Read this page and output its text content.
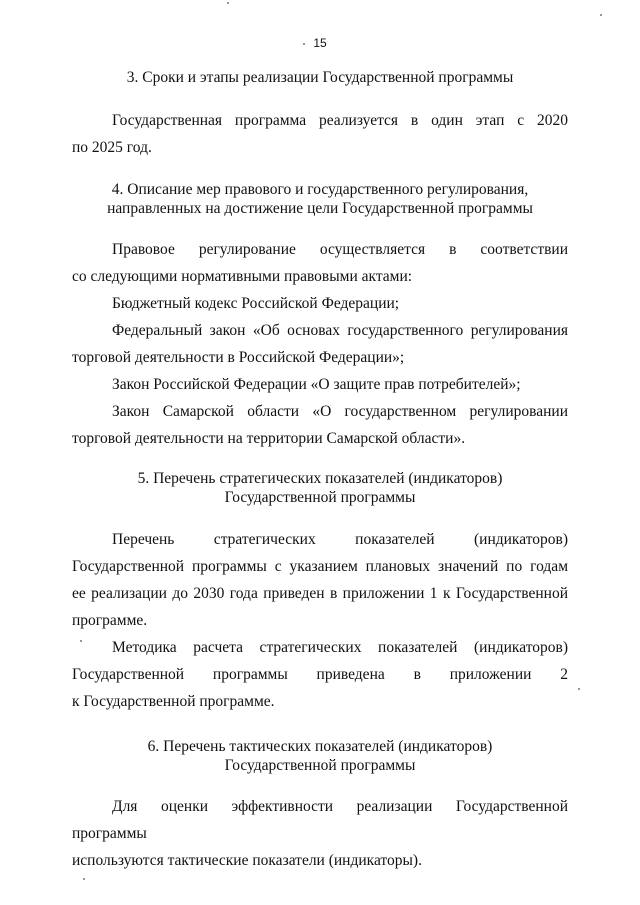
15
3. Сроки и этапы реализации Государственной программы
Государственная программа реализуется в один этап с 2020
по 2025 год.
4. Описание мер правового и государственного регулирования,
направленных на достижение цели Государственной программы
Правовое регулирование осуществляется в соответствии
со следующими нормативными правовыми актами:
Бюджетный кодекс Российской Федерации;
Федеральный закон «Об основах государственного регулирования
торговой деятельности в Российской Федерации»;
Закон Российской Федерации «О защите прав потребителей»;
Закон Самарской области «О государственном регулировании
торговой деятельности на территории Самарской области».
5. Перечень стратегических показателей (индикаторов)
Государственной программы
Перечень стратегических показателей (индикаторов)
Государственной программы с указанием плановых значений по годам
ее реализации до 2030 года приведен в приложении 1 к Государственной
программе.
Методика расчета стратегических показателей (индикаторов)
Государственной программы приведена в приложении 2
к Государственной программе.
6. Перечень тактических показателей (индикаторов)
Государственной программы
Для оценки эффективности реализации Государственной программы
используются тактические показатели (индикаторы).
